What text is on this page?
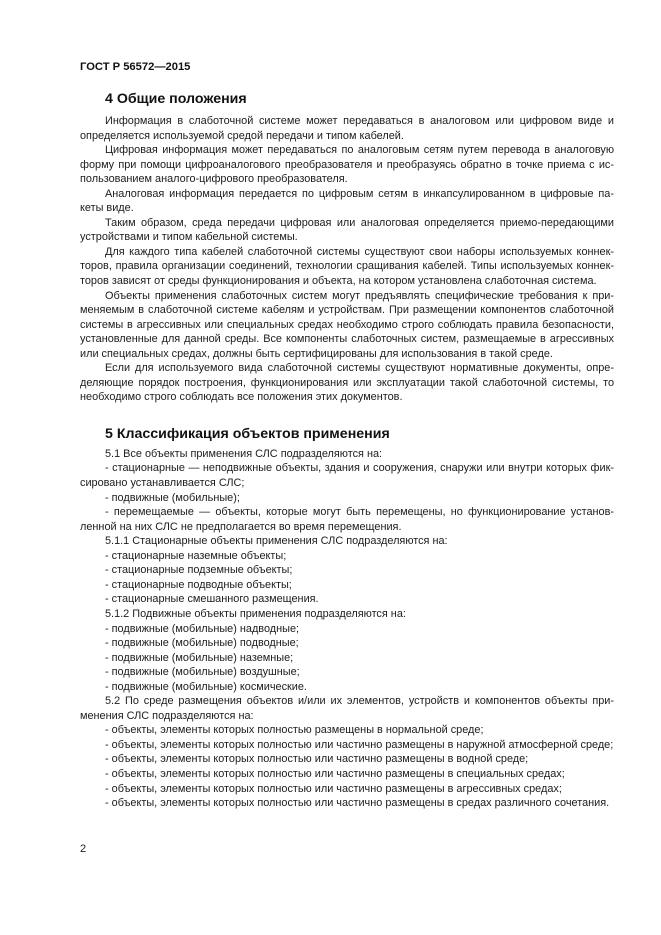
ГОСТ Р 56572—2015
4 Общие положения

Информация в слаботочной системе может передаваться в аналоговом или цифровом виде и определяется используемой средой передачи и типом кабелей.

Цифровая информация может передаваться по аналоговым сетям путем перевода в аналоговую форму при помощи цифроаналогового преобразователя и преобразуясь обратно в точке приема с использованием аналого-цифрового преобразователя.

Аналоговая информация передается по цифровым сетям в инкапсулированном в цифровые пакеты виде.

Таким образом, среда передачи цифровая или аналоговая определяется приемо-передающими устройствами и типом кабельной системы.

Для каждого типа кабелей слаботочной системы существуют свои наборы используемых коннекторов, правила организации соединений, технологии сращивания кабелей. Типы используемых коннекторов зависят от среды функционирования и объекта, на котором установлена слаботочная система.

Объекты применения слаботочных систем могут предъявлять специфические требования к применяемым в слаботочной системе кабелям и устройствам. При размещении компонентов слаботочной системы в агрессивных или специальных средах необходимо строго соблюдать правила безопасности, установленные для данной среды. Все компоненты слаботочных систем, размещаемые в агрессивных или специальных средах, должны быть сертифицированы для использования в такой среде.

Если для используемого вида слаботочной системы существуют нормативные документы, определяющие порядок построения, функционирования или эксплуатации такой слаботочной системы, то необходимо строго соблюдать все положения этих документов.

5 Классификация объектов применения

5.1 Все объекты применения СЛС подразделяются на:

- стационарные — неподвижные объекты, здания и сооружения, снаружи или внутри которых фиксировано устанавливается СЛС;

- подвижные (мобильные);

- перемещаемые — объекты, которые могут быть перемещены, но функционирование установленной на них СЛС не предполагается во время перемещения.

5.1.1 Стационарные объекты применения СЛС подразделяются на:

- стационарные наземные объекты;

- стационарные подземные объекты;

- стационарные подводные объекты;

- стационарные смешанного размещения.

5.1.2 Подвижные объекты применения подразделяются на:

- подвижные (мобильные) надводные;

- подвижные (мобильные) подводные;

- подвижные (мобильные) наземные;

- подвижные (мобильные) воздушные;

- подвижные (мобильные) космические.

5.2 По среде размещения объектов и/или их элементов, устройств и компонентов объекты применения СЛС подразделяются на:

- объекты, элементы которых полностью размещены в нормальной среде;

- объекты, элементы которых полностью или частично размещены в наружной атмосферной среде;

- объекты, элементы которых полностью или частично размещены в водной среде;

- объекты, элементы которых полностью или частично размещены в специальных средах;

- объекты, элементы которых полностью или частично размещены в агрессивных средах;

- объекты, элементы которых полностью или частично размещены в средах различного сочетания.

2
